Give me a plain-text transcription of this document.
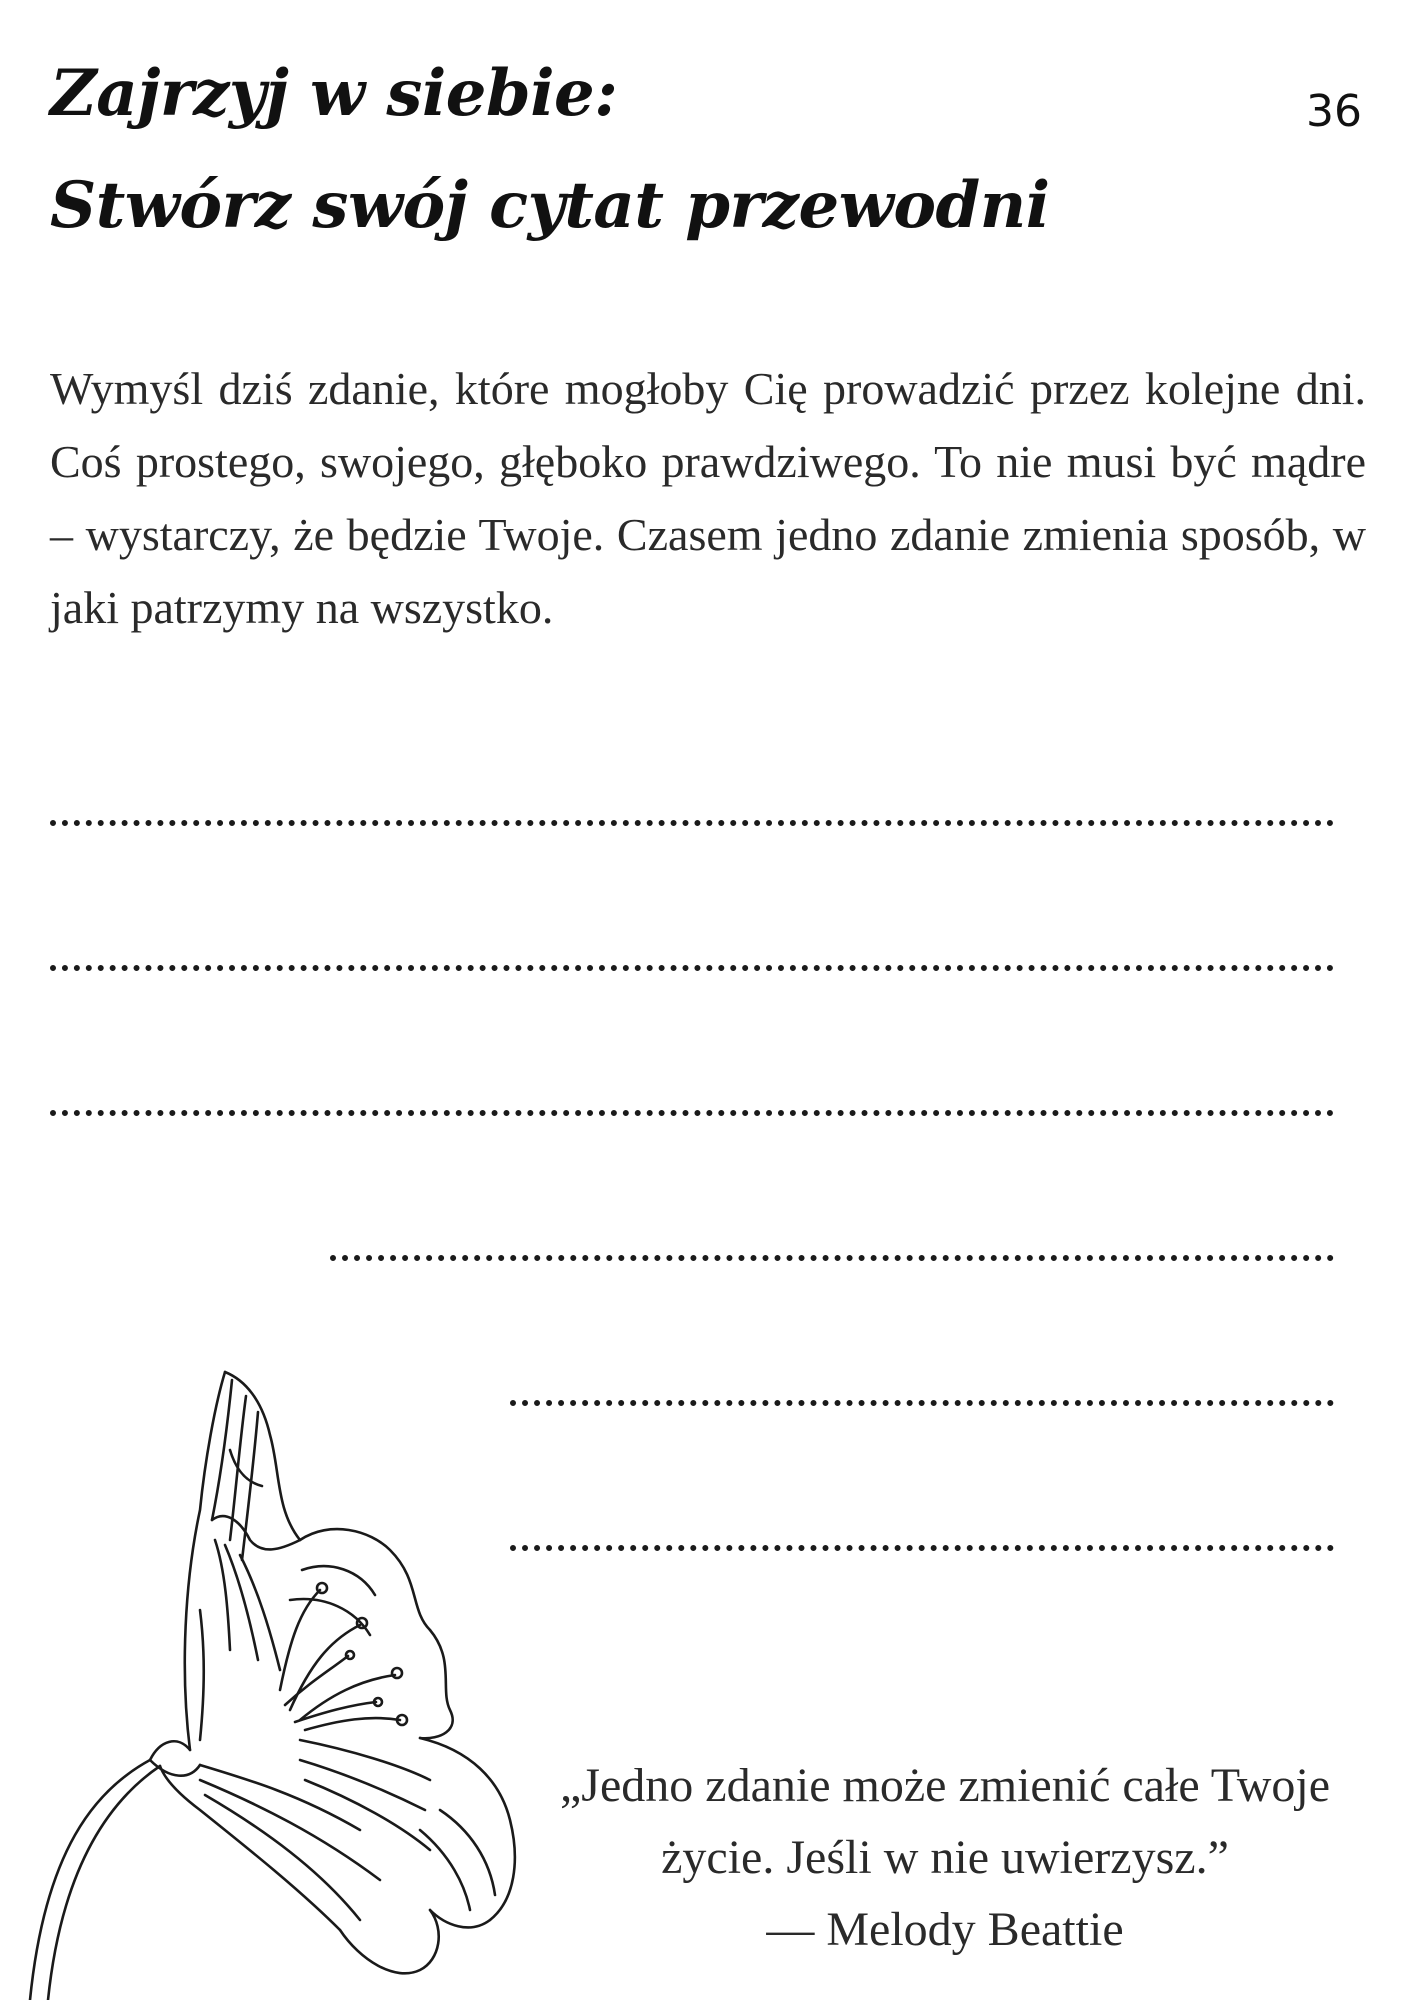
Zajrzyj w siebie:
Stwórz swój cytat przewodni
36

Wymyśl dziś zdanie, które mogłoby Cię prowadzić przez kolejne dni. Coś prostego, swojego, głęboko prawdziwego. To nie musi być mądre – wystarczy, że będzie Twoje. Czasem jedno zdanie zmienia sposób, w jaki patrzymy na wszystko.

„Jedno zdanie może zmienić całe Twoje
życie. Jeśli w nie uwierzysz.”
— Melody Beattie
